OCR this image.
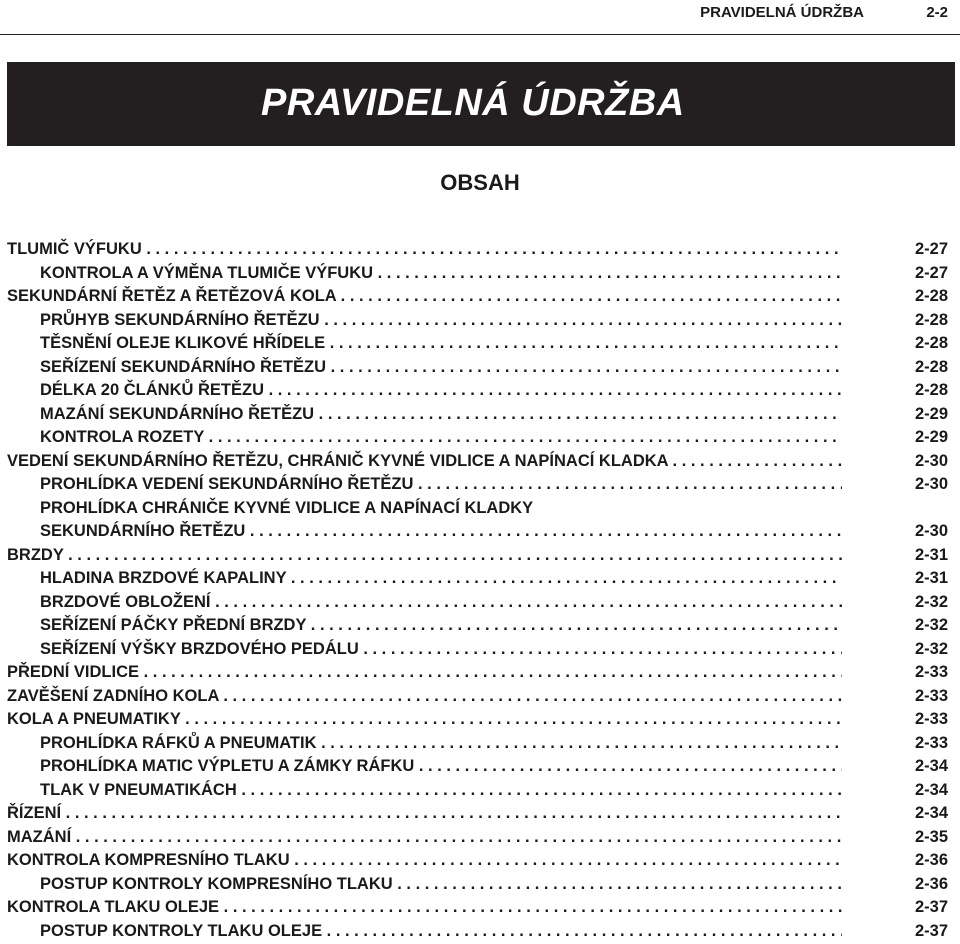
PRAVIDELNÁ ÚDRŽBA	2-2
PRAVIDELNÁ ÚDRŽBA
OBSAH
TLUMIČ VÝFUKU . . .	2-27
KONTROLA A VÝMĚNA TLUMIČE VÝFUKU . . .	2-27
SEKUNDÁRNÍ ŘETĚZ A ŘETĚZOVÁ KOLA . . .	2-28
PRŮHYB SEKUNDÁRNÍHO ŘETĚZU . . .	2-28
TĚSNĚNÍ OLEJE KLIKOVÉ HŘÍDELE . . .	2-28
SEŘÍZENÍ SEKUNDÁRNÍHO ŘETĚZU . . .	2-28
DÉLKA 20 ČLÁNKŮ ŘETĚZU . . .	2-28
MAZÁNÍ SEKUNDÁRNÍHO ŘETĚZU . . .	2-29
KONTROLA ROZETY . . .	2-29
VEDENÍ SEKUNDÁRNÍHO ŘETĚZU, CHRÁNIČ KYVNÉ VIDLICE A NAPÍNACÍ KLADKA . . .	2-30
PROHLÍDKA VEDENÍ SEKUNDÁRNÍHO ŘETĚZU . . .	2-30
PROHLÍDKA CHRÁNIČE KYVNÉ VIDLICE A NAPÍNACÍ KLADKY
SEKUNDÁRNÍHO ŘETĚZU . . .	2-30
BRZDY . . .	2-31
HLADINA BRZDOVÉ KAPALINY . . .	2-31
BRZDOVÉ OBLOŽENÍ . . .	2-32
SEŘÍZENÍ PÁČKY PŘEDNÍ BRZDY . . .	2-32
SEŘÍZENÍ VÝŠKY BRZDOVÉHO PEDÁLU . . .	2-32
PŘEDNÍ VIDLICE . . .	2-33
ZAVĚŠENÍ ZADNÍHO KOLA . . .	2-33
KOLA A PNEUMATIKY . . .	2-33
PROHLÍDKA RÁFKŮ A PNEUMATIK . . .	2-33
PROHLÍDKA MATIC VÝPLETU A ZÁMKY RÁFKU . . .	2-34
TLAK V PNEUMATIKÁCH . . .	2-34
ŘÍZENÍ . . .	2-34
MAZÁNÍ . . .	2-35
KONTROLA KOMPRESNÍHO TLAKU . . .	2-36
POSTUP KONTROLY KOMPRESNÍHO TLAKU . . .	2-36
KONTROLA TLAKU OLEJE . . .	2-37
POSTUP KONTROLY TLAKU OLEJE . . .	2-37
